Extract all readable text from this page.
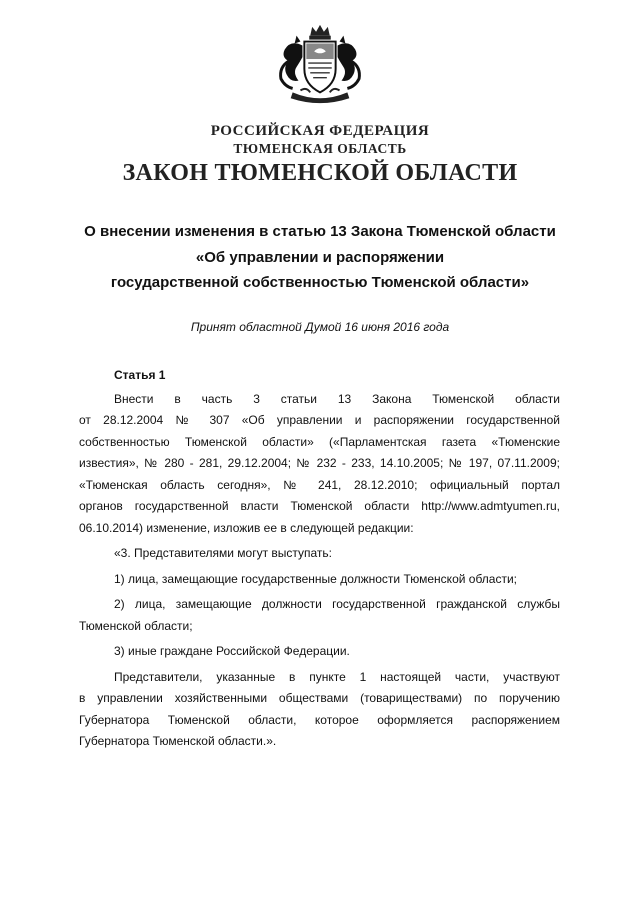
РОССИЙСКАЯ ФЕДЕРАЦИЯ
ТЮМЕНСКАЯ ОБЛАСТЬ
ЗАКОН ТЮМЕНСКОЙ ОБЛАСТИ
О внесении изменения в статью 13 Закона Тюменской области
«Об управлении и распоряжении
государственной собственностью Тюменской области»
Принят областной Думой 16 июня 2016 года
Статья 1
Внести в часть 3 статьи 13 Закона Тюменской области
от 28.12.2004 № 307 «Об управлении и распоряжении государственной
собственностью Тюменской области» («Парламентская газета «Тюменские
известия», № 280 - 281, 29.12.2004; № 232 - 233, 14.10.2005; № 197, 07.11.2009;
«Тюменская область сегодня», № 241, 28.12.2010; официальный портал
органов государственной власти Тюменской области http://www.admtyumen.ru,
06.10.2014) изменение, изложив ее в следующей редакции:
«3. Представителями могут выступать:
1) лица, замещающие государственные должности Тюменской области;
2) лица, замещающие должности государственной гражданской службы
Тюменской области;
3) иные граждане Российской Федерации.
Представители, указанные в пункте 1 настоящей части, участвуют
в управлении хозяйственными обществами (товариществами) по поручению
Губернатора Тюменской области, которое оформляется распоряжением
Губернатора Тюменской области.».
